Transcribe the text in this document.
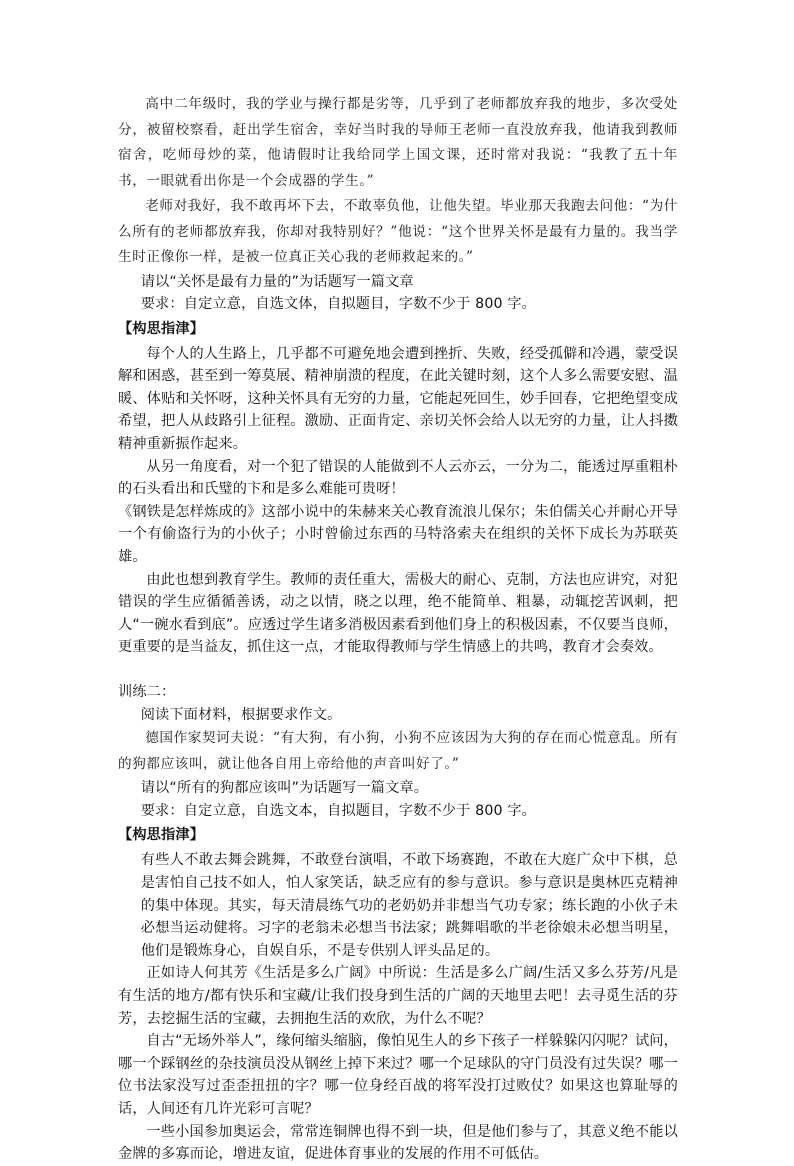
高中二年级时，我的学业与操行都是劣等，几乎到了老师都放弃我的地步，多次受处分，被留校察看，赶出学生宿舍，幸好当时我的导师王老师一直没放弃我，他请我到教师宿舍，吃师母炒的菜，他请假时让我给同学上国文课，还时常对我说：“我教了五十年书，一眼就看出你是一个会成器的学生。”

老师对我好，我不敢再坏下去，不敢辜负他，让他失望。毕业那天我跑去问他：“为什么所有的老师都放弃我，你却对我特别好？”他说：“这个世界关怀是最有力量的。我当学生时正像你一样，是被一位真正关心我的老师救起来的。”

请以“关怀是最有力量的”为话题写一篇文章

要求：自定立意，自选文体，自拟题目，字数不少于 800 字。

【构思指津】

每个人的人生路上，几乎都不可避免地会遭到挫折、失败，经受孤僻和冷遇，蒙受误解和困惑，甚至到一筹莫展、精神崩溃的程度，在此关键时刻，这个人多么需要安慰、温暖、体贴和关怀呀，这种关怀具有无穷的力量，它能起死回生，妙手回春，它把绝望变成希望，把人从歧路引上征程。激励、正面肯定、亲切关怀会给人以无穷的力量，让人抖擞精神重新振作起来。

从另一角度看，对一个犯了错误的人能做到不人云亦云，一分为二，能透过厚重粗朴的石头看出和氏璧的卞和是多么难能可贵呀！

《钢铁是怎样炼成的》这部小说中的朱赫来关心教育流浪儿保尔；朱伯儒关心并耐心开导一个有偷盗行为的小伙子；小时曾偷过东西的马特洛索夫在组织的关怀下成长为苏联英雄。

由此也想到教育学生。教师的责任重大，需极大的耐心、克制，方法也应讲究，对犯错误的学生应循循善诱，动之以情，晓之以理，绝不能简单、粗暴，动辄挖苦讽刺，把人“一碗水看到底”。应透过学生诸多消极因素看到他们身上的积极因素，不仅要当良师，更重要的是当益友，抓住这一点，才能取得教师与学生情感上的共鸣，教育才会奏效。

训练二：

阅读下面材料，根据要求作文。

德国作家契诃夫说：“有大狗，有小狗，小狗不应该因为大狗的存在而心慌意乱。所有的狗都应该叫，就让他各自用上帝给他的声音叫好了。”

请以“所有的狗都应该叫”为话题写一篇文章。

要求：自定立意，自选文本，自拟题目，字数不少于 800 字。

【构思指津】

有些人不敢去舞会跳舞，不敢登台演唱，不敢下场赛跑，不敢在大庭广众中下棋，总是害怕自己技不如人，怕人家笑话，缺乏应有的参与意识。参与意识是奥林匹克精神的集中体现。其实，每天清晨练气功的老奶奶并非想当气功专家；练长跑的小伙子未必想当运动健将。习字的老翁未必想当书法家；跳舞唱歌的半老徐娘未必想当明星，他们是锻炼身心，自娱自乐，不是专供别人评头品足的。

正如诗人何其芳《生活是多么广阔》中所说：生活是多么广阔/生活又多么芬芳/凡是有生活的地方/都有快乐和宝藏/让我们投身到生活的广阔的天地里去吧！去寻觅生活的芬芳，去挖掘生活的宝藏，去拥抱生活的欢欣，为什么不呢？

自古“无场外举人”，缘何缩头缩脑，像怕见生人的乡下孩子一样躲躲闪闪呢？试问，哪一个踩钢丝的杂技演员没从钢丝上掉下来过？哪一个足球队的守门员没有过失误？哪一位书法家没写过歪歪扭扭的字？哪一位身经百战的将军没打过败仗？如果这也算耻辱的话，人间还有几许光彩可言呢？

一些小国参加奥运会，常常连铜牌也得不到一块，但是他们参与了，其意义绝不能以金牌的多寡而论，增进友谊，促进体育事业的发展的作用不可低估。
